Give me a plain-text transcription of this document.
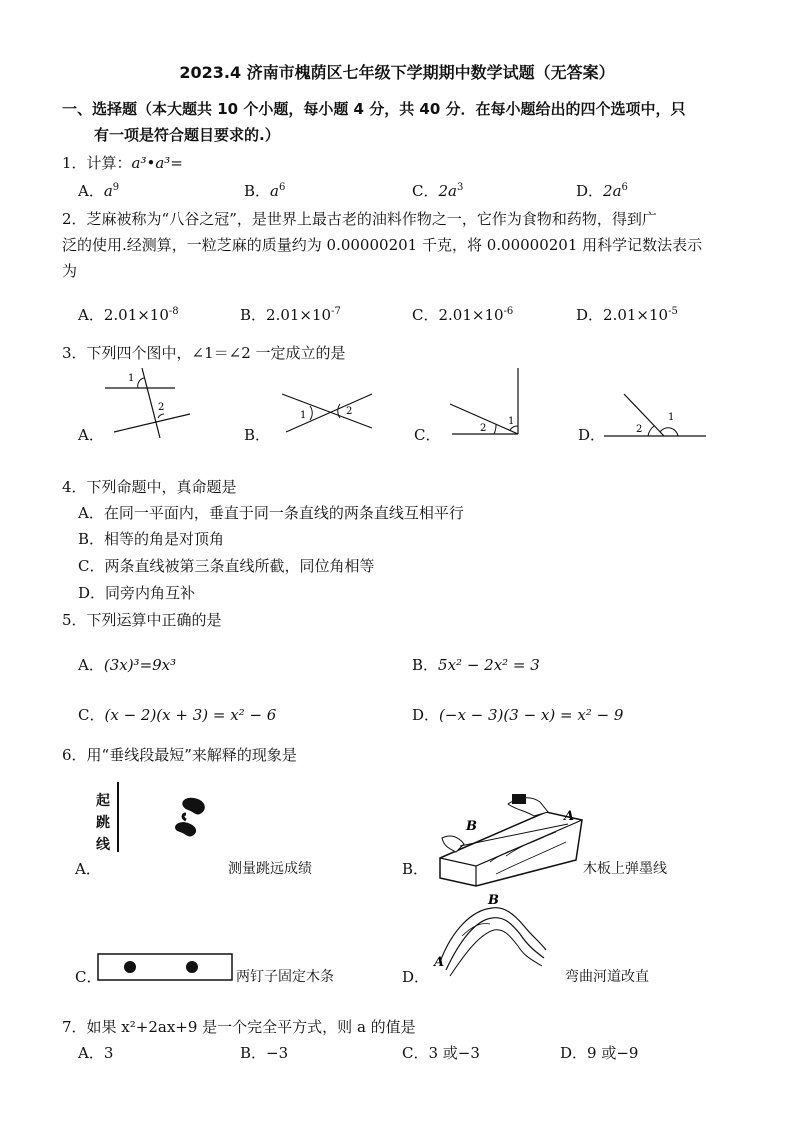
2023.4 济南市槐荫区七年级下学期期中数学试题（无答案）
一、选择题（本大题共 10 个小题，每小题 4 分，共 40 分．在每小题给出的四个选项中，只
有一项是符合题目要求的.）
1．计算：a³•a³=
A．$a^9$	B．$a^6$	C．$2a^3$	D．$2a^6$
2．芝麻被称为“八谷之冠”，是世界上最古老的油料作物之一，它作为食物和药物，得到广
泛的使用.经测算，一粒芝麻的质量约为 0.00000201 千克，将 0.00000201 用科学记数法表示
为
A．$2.01\times 10^{-8}$	B．$2.01\times 10^{-7}$	C．$2.01\times 10^{-6}$	D．$2.01\times 10^{-5}$
3．下列四个图中，∠1＝∠2 一定成立的是
A．
1
2
B．
1	2
C．	2
1
D．	2
1
4．下列命题中，真命题是
A．在同一平面内，垂直于同一条直线的两条直线互相平行
B．相等的角是对顶角
C．两条直线被第三条直线所截，同位角相等
D．同旁内角互补
5．下列运算中正确的是
A．(3x)³=9x³	B．5x² − 2x² = 3
C．(x − 2)(x + 3) = x² − 6	D．(−x − 3)(3 − x) = x² − 9
6．用“垂线段最短”来解释的现象是
起
跳
线
A．	测量跳远成绩
B
A
B．	木板上弹墨线
C．	两钉子固定木条
B
A
D．	弯曲河道改直
7．如果 x²+2ax+9 是一个完全平方式，则 a 的值是
A．3	B．−3	C．3 或−3	D．9 或−9
